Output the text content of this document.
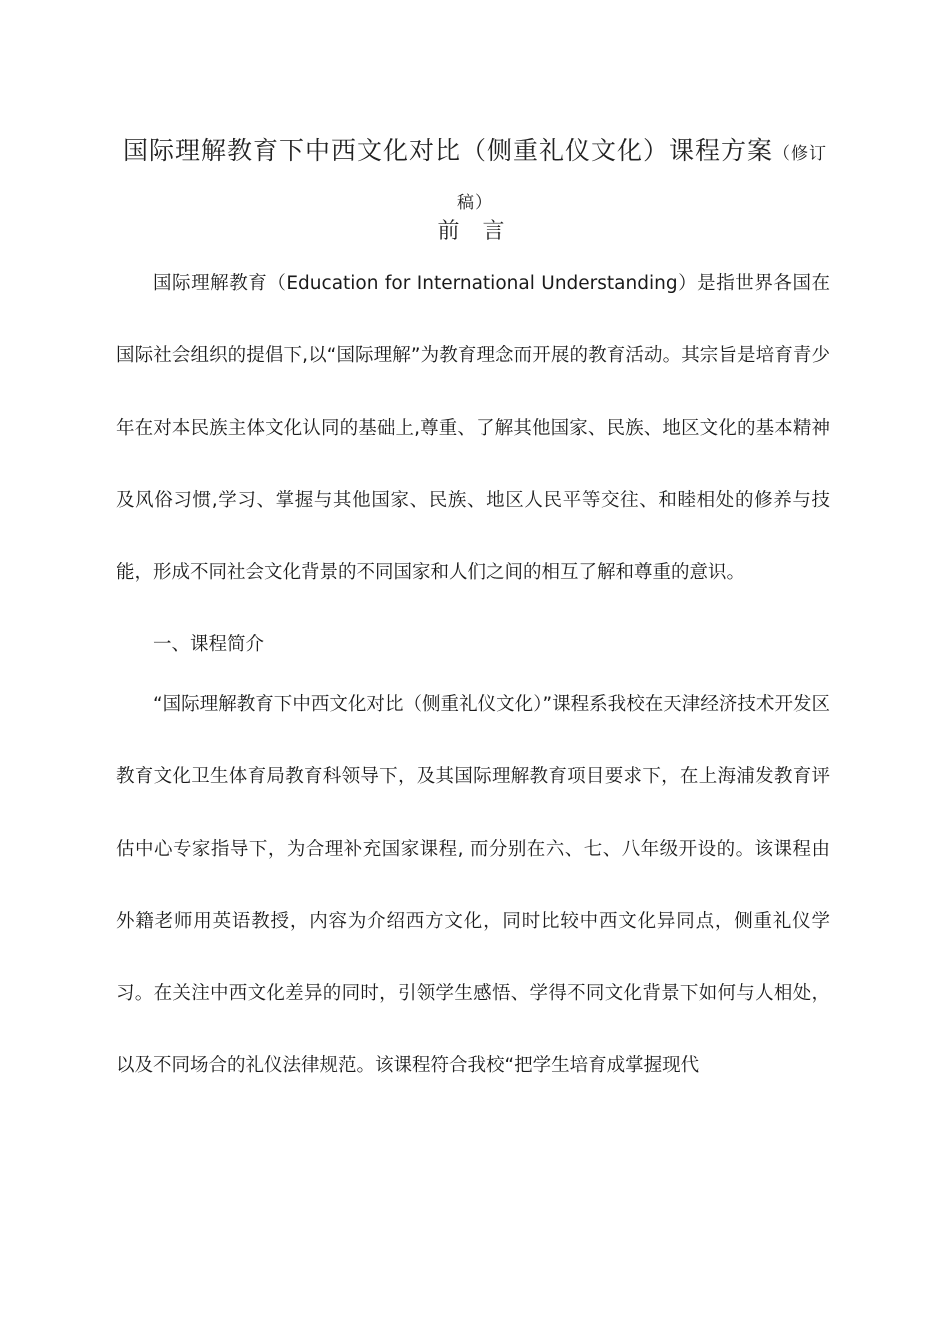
国际理解教育下中西文化对比（侧重礼仪文化）课程方案（修订稿）
前 言

国际理解教育（Education for International Understanding）是指世界各国在国际社会组织的提倡下,以“国际理解”为教育理念而开展的教育活动。其宗旨是培育青少年在对本民族主体文化认同的基础上,尊重、了解其他国家、民族、地区文化的基本精神及风俗习惯,学习、掌握与其他国家、民族、地区人民平等交往、和睦相处的修养与技能，形成不同社会文化背景的不同国家和人们之间的相互了解和尊重的意识。

一、课程简介

“国际理解教育下中西文化对比（侧重礼仪文化）”课程系我校在天津经济技术开发区教育文化卫生体育局教育科领导下，及其国际理解教育项目要求下，在上海浦发教育评估中心专家指导下，为合理补充国家课程, 而分别在六、七、八年级开设的。该课程由外籍老师用英语教授，内容为介绍西方文化，同时比较中西文化异同点，侧重礼仪学习。在关注中西文化差异的同时，引领学生感悟、学得不同文化背景下如何与人相处，以及不同场合的礼仪法律规范。该课程符合我校“把学生培育成掌握现代
